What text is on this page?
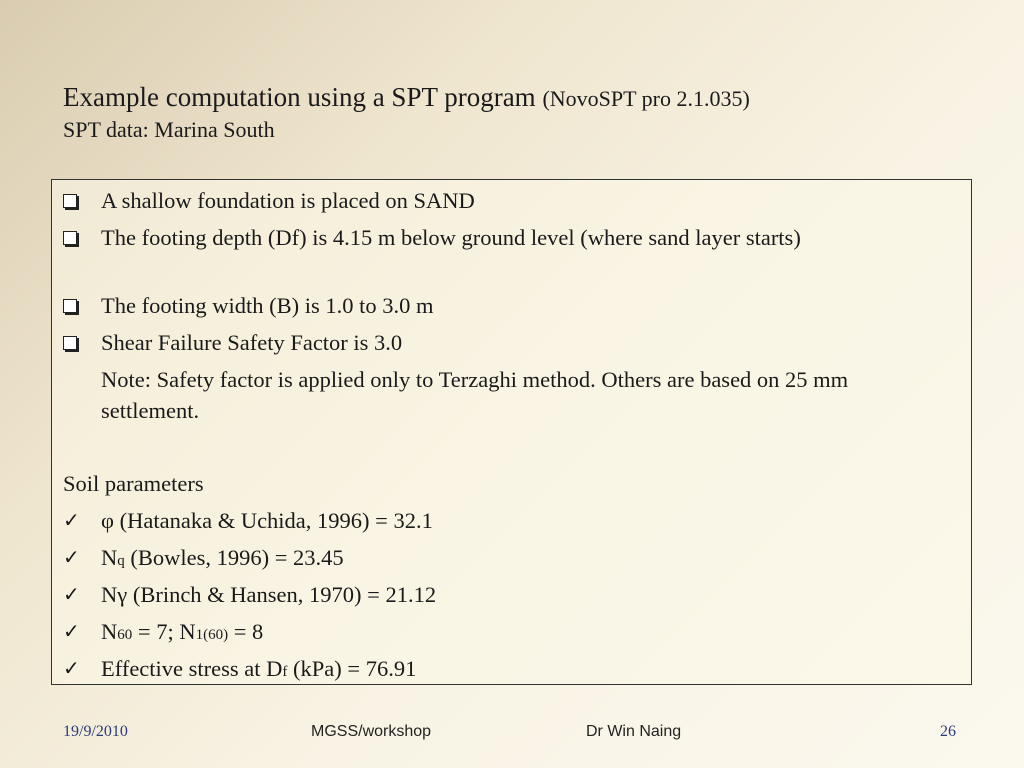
Example computation using a SPT program (NovoSPT pro 2.1.035)
SPT data: Marina South
A shallow foundation is placed on SAND
The footing depth (Df) is 4.15 m below ground level (where sand layer starts)
The footing width (B) is 1.0 to 3.0 m
Shear Failure Safety Factor is 3.0
Note: Safety factor is applied only to Terzaghi method. Others are based on 25 mm settlement.
Soil parameters
✓ φ (Hatanaka & Uchida, 1996) = 32.1
✓ Nq (Bowles, 1996) = 23.45
✓ Nγ (Brinch & Hansen, 1970) = 21.12
✓ N60 = 7; N1(60) = 8
✓ Effective stress at Df (kPa) = 76.91
19/9/2010	MGSS/workshop	Dr Win Naing	26
